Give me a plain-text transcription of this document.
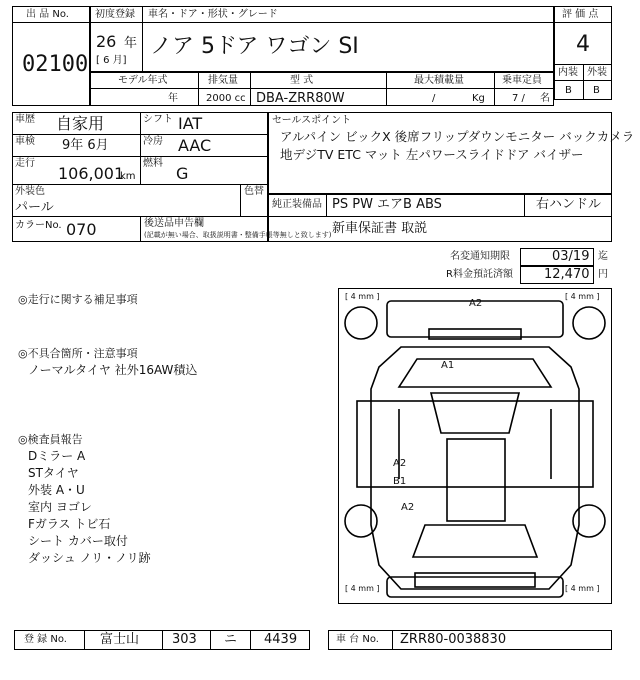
出 品 No.
02100
初度登録 車名・ドア・形状・グレード
26 年
[ 6 月]
ノア 5ドア ワゴン SI
評 価 点
4
内装 外装
B B
モデル年式	排気量	型 式	最大積載量	乗車定員
年	2000 cc DBA-ZRR80W	/	Kg	7 / 名
車歴 自家用	シフト IAT
車検 9年 6月	冷房 AAC
走行
106,001
km
燃料
G
外装色
パール
色替
カラーNo. 070	後送品申告欄
(記載が無い場合、取扱説明書・整備手帳等無しと致します)
セールスポイント
アルパイン ビックX 後席フリップダウンモニター バックカメラ
地デジTV ETC マット 左パワースライドドア バイザー
純正装備品 PS PW エアB ABS	右ハンドル
新車保証書 取説
名変通知期限	03/19 迄
R料金預託済額 12,470 円
◎走行に関する補足事項
◎不具合箇所・注意事項
ノーマルタイヤ 社外16AW積込
◎検査員報告
Dミラー A
STタイヤ
外装 A・U
室内 ヨゴレ
Fガラス トビ石
シート カバー取付
ダッシュ ノリ・ノリ跡
[ 4 mm ]	[ 4 mm ]
[ 4 mm ]	[ 4 mm ]
A2
A1
A2
B1
A2
登 録 No.	富士山	303 ニ 4439	車 台 No. ZRR80-0038830
